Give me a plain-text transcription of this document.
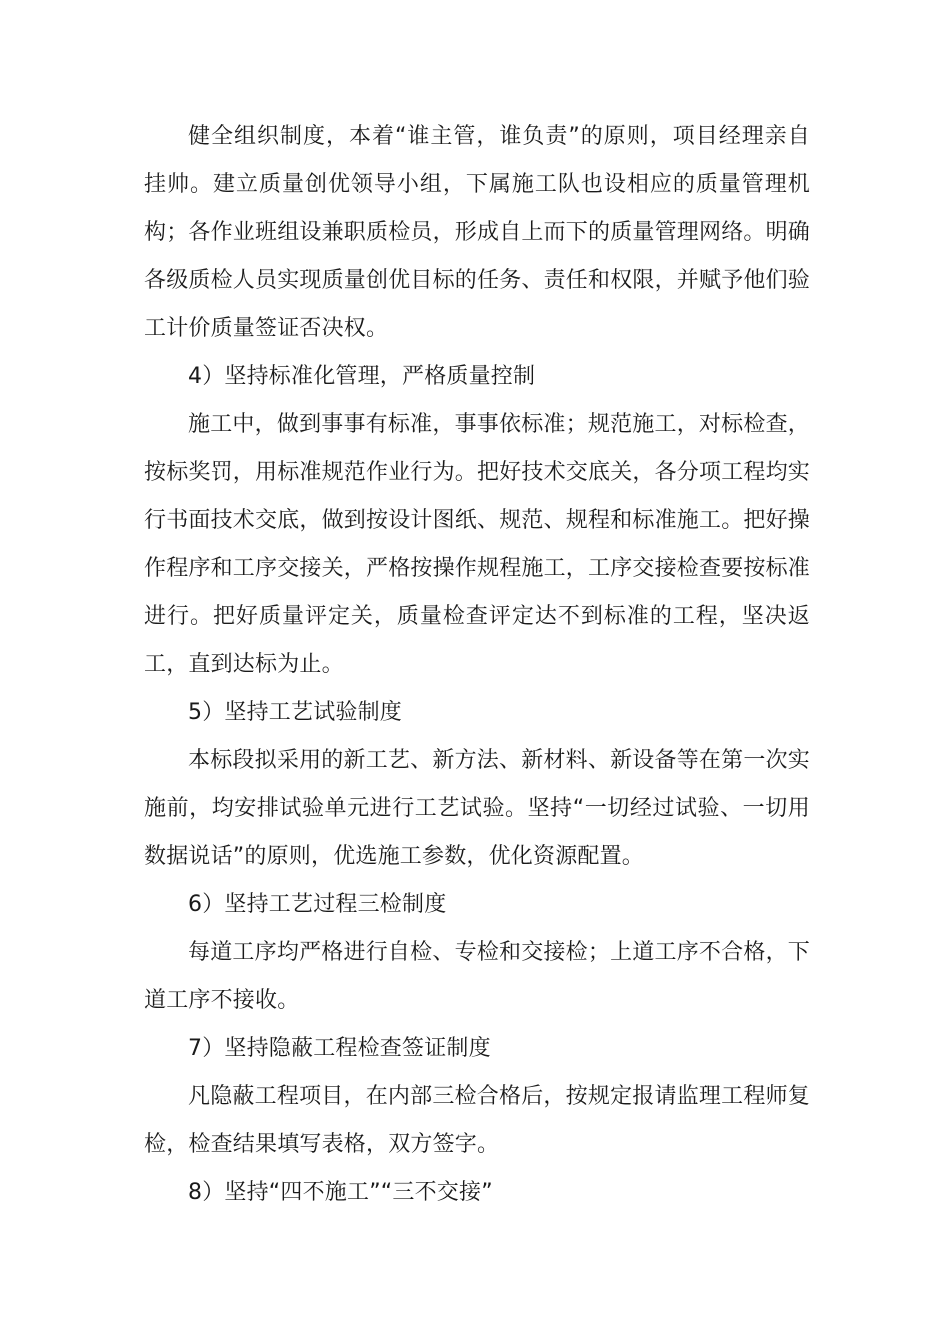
健全组织制度，本着“谁主管，谁负责”的原则，项目经理亲自挂帅。建立质量创优领导小组，下属施工队也设相应的质量管理机构；各作业班组设兼职质检员，形成自上而下的质量管理网络。明确各级质检人员实现质量创优目标的任务、责任和权限，并赋予他们验工计价质量签证否决权。

4）坚持标准化管理，严格质量控制

施工中，做到事事有标准，事事依标准；规范施工，对标检查，按标奖罚，用标准规范作业行为。把好技术交底关，各分项工程均实行书面技术交底，做到按设计图纸、规范、规程和标准施工。把好操作程序和工序交接关，严格按操作规程施工，工序交接检查要按标准进行。把好质量评定关，质量检查评定达不到标准的工程，坚决返工，直到达标为止。

5）坚持工艺试验制度

本标段拟采用的新工艺、新方法、新材料、新设备等在第一次实施前，均安排试验单元进行工艺试验。坚持“一切经过试验、一切用数据说话”的原则，优选施工参数，优化资源配置。

6）坚持工艺过程三检制度

每道工序均严格进行自检、专检和交接检；上道工序不合格，下道工序不接收。

7）坚持隐蔽工程检查签证制度

凡隐蔽工程项目，在内部三检合格后，按规定报请监理工程师复检，检查结果填写表格，双方签字。

8）坚持“四不施工”“三不交接”
